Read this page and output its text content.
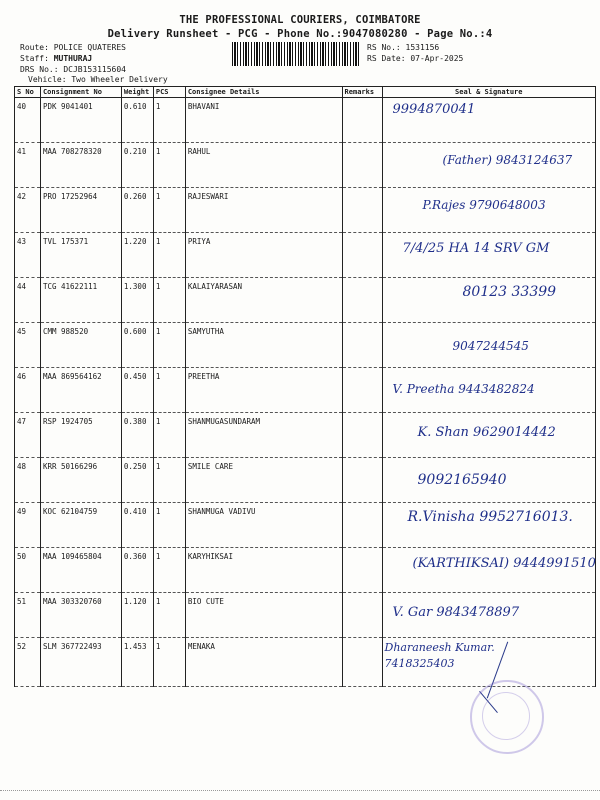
THE PROFESSIONAL COURIERS, COIMBATORE
Delivery Runsheet - PCG - Phone No.:9047080280 - Page No.:4
Route: POLICE QUATERES
Staff: MUTHURAJ
DRS No.: DCJB153115604
Vehicle: Two Wheeler Delivery
RS No.: 1531156
RS Date: 07-Apr-2025
S No	Consignment No	Weight	PCS	Consignee Details	Remarks	Seal & Signature
40	PDK 9041401	0.610	1	BHAVANI		9994870041

41	MAA 708278320	0.210	1	RAHUL		(Father) 9843124637

42	PRO 17252964	0.260	1	RAJESWARI		P.Rajes 9790648003

43	TVL 175371	1.220	1	PRIYA		7/4/25 HA 14 SRV GM

44	TCG 41622111	1.300	1	KALAIYARASAN		80123 33399

45	CMM 988520	0.600	1	SAMYUTHA		9047244545

46	MAA 869564162	0.450	1	PREETHA		V. Preetha 9443482824

47	RSP 1924705	0.380	1	SHANMUGASUNDARAM		K. Shan 9629014442

48	KRR 50166296	0.250	1	SMILE CARE		9092165940

49	KOC 62104759	0.410	1	SHANMUGA VADIVU		R.Vinisha 9952716013.

50	MAA 109465804	0.360	1	KARYHIKSAI		(KARTHIKSAI) 9444991510

51	MAA 303320760	1.120	1	BIO CUTE		V. Gar 9843478897

52	SLM 367722493	1.453	1	MENAKA		Dharaneesh Kumar. 7418325403
